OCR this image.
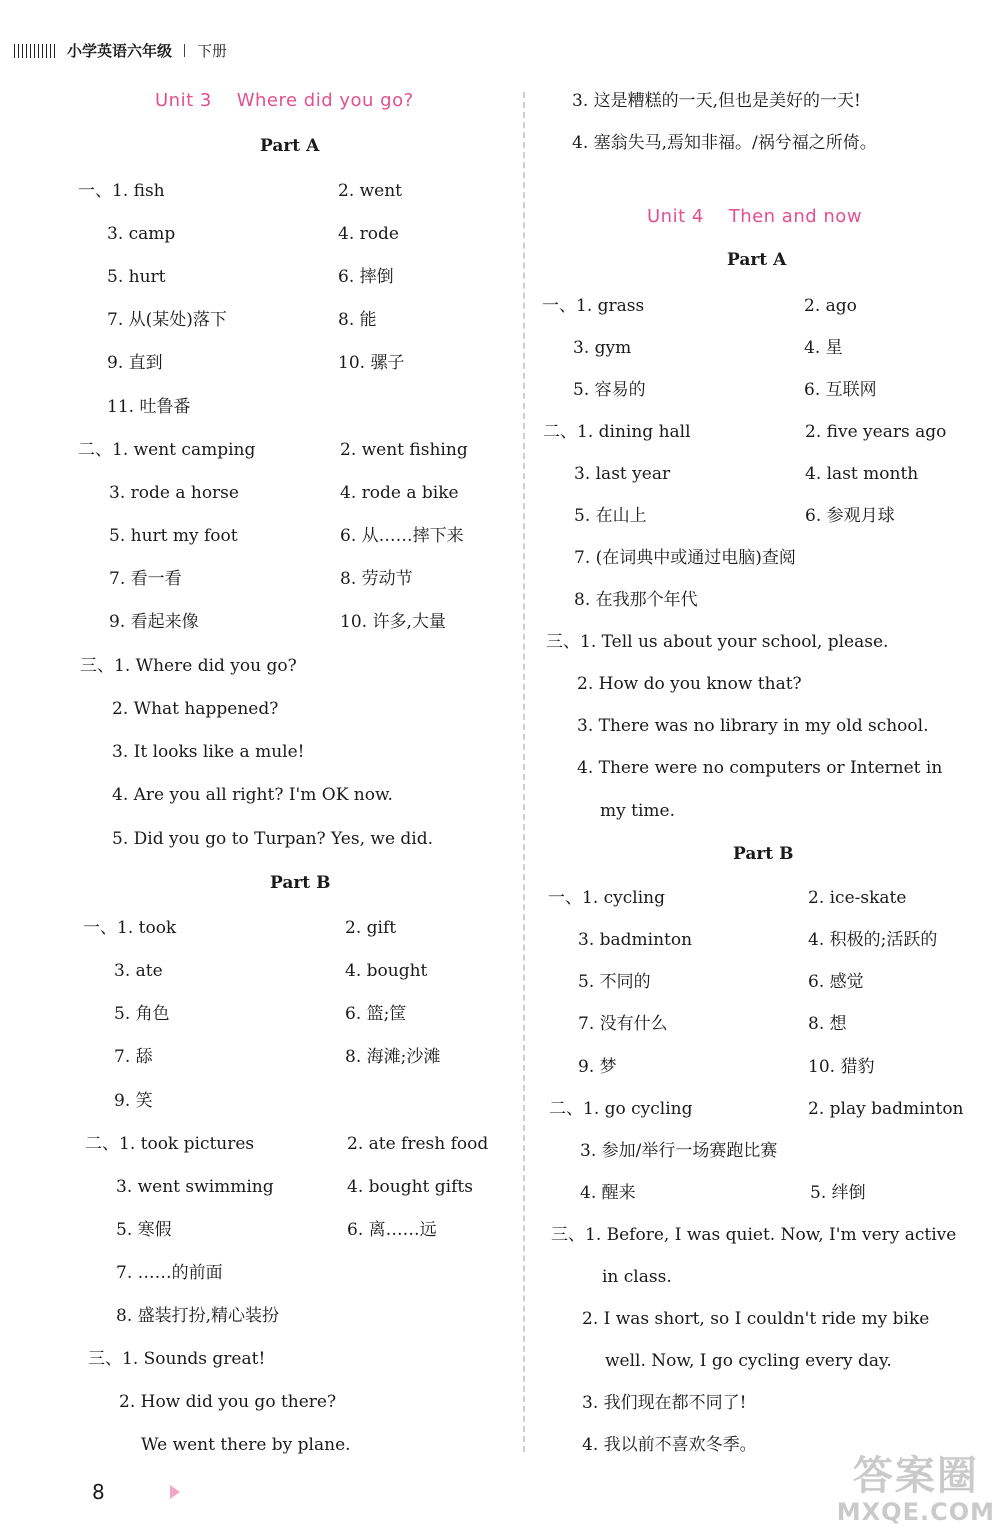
小学英语六年级 下册
Unit 3    Where did you go?
Part A
一、1. fish	2. went
3. camp	4. rode
5. hurt	6. 摔倒
7. 从(某处)落下	8. 能
9. 直到	10. 骡子
11. 吐鲁番
二、1. went camping	2. went fishing
3. rode a horse	4. rode a bike
5. hurt my foot	6. 从……摔下来
7. 看一看	8. 劳动节
9. 看起来像	10. 许多,大量
三、1. Where did you go?
2. What happened?
3. It looks like a mule!
4. Are you all right? I'm OK now.
5. Did you go to Turpan? Yes, we did.
Part B
一、1. took	2. gift
3. ate	4. bought
5. 角色	6. 篮;筐
7. 舔	8. 海滩;沙滩
9. 笑
二、1. took pictures	2. ate fresh food
3. went swimming	4. bought gifts
5. 寒假	6. 离……远
7. ……的前面
8. 盛装打扮,精心装扮
三、1. Sounds great!
2. How did you go there?
We went there by plane.
3. 这是糟糕的一天,但也是美好的一天!
4. 塞翁失马,焉知非福。/祸兮福之所倚。
Unit 4    Then and now
Part A
一、1. grass	2. ago
3. gym	4. 星
5. 容易的	6. 互联网
二、1. dining hall	2. five years ago
3. last year	4. last month
5. 在山上	6. 参观月球
7. (在词典中或通过电脑)查阅
8. 在我那个年代
三、1. Tell us about your school, please.
2. How do you know that?
3. There was no library in my old school.
4. There were no computers or Internet in
my time.
Part B
一、1. cycling	2. ice-skate
3. badminton	4. 积极的;活跃的
5. 不同的	6. 感觉
7. 没有什么	8. 想
9. 梦	10. 猎豹
二、1. go cycling	2. play badminton
3. 参加/举行一场赛跑比赛
4. 醒来	5. 绊倒
三、1. Before, I was quiet. Now, I'm very active
in class.
2. I was short, so I couldn't ride my bike
well. Now, I go cycling every day.
3. 我们现在都不同了!
4. 我以前不喜欢冬季。
8	答案圈
MXQE.COM
